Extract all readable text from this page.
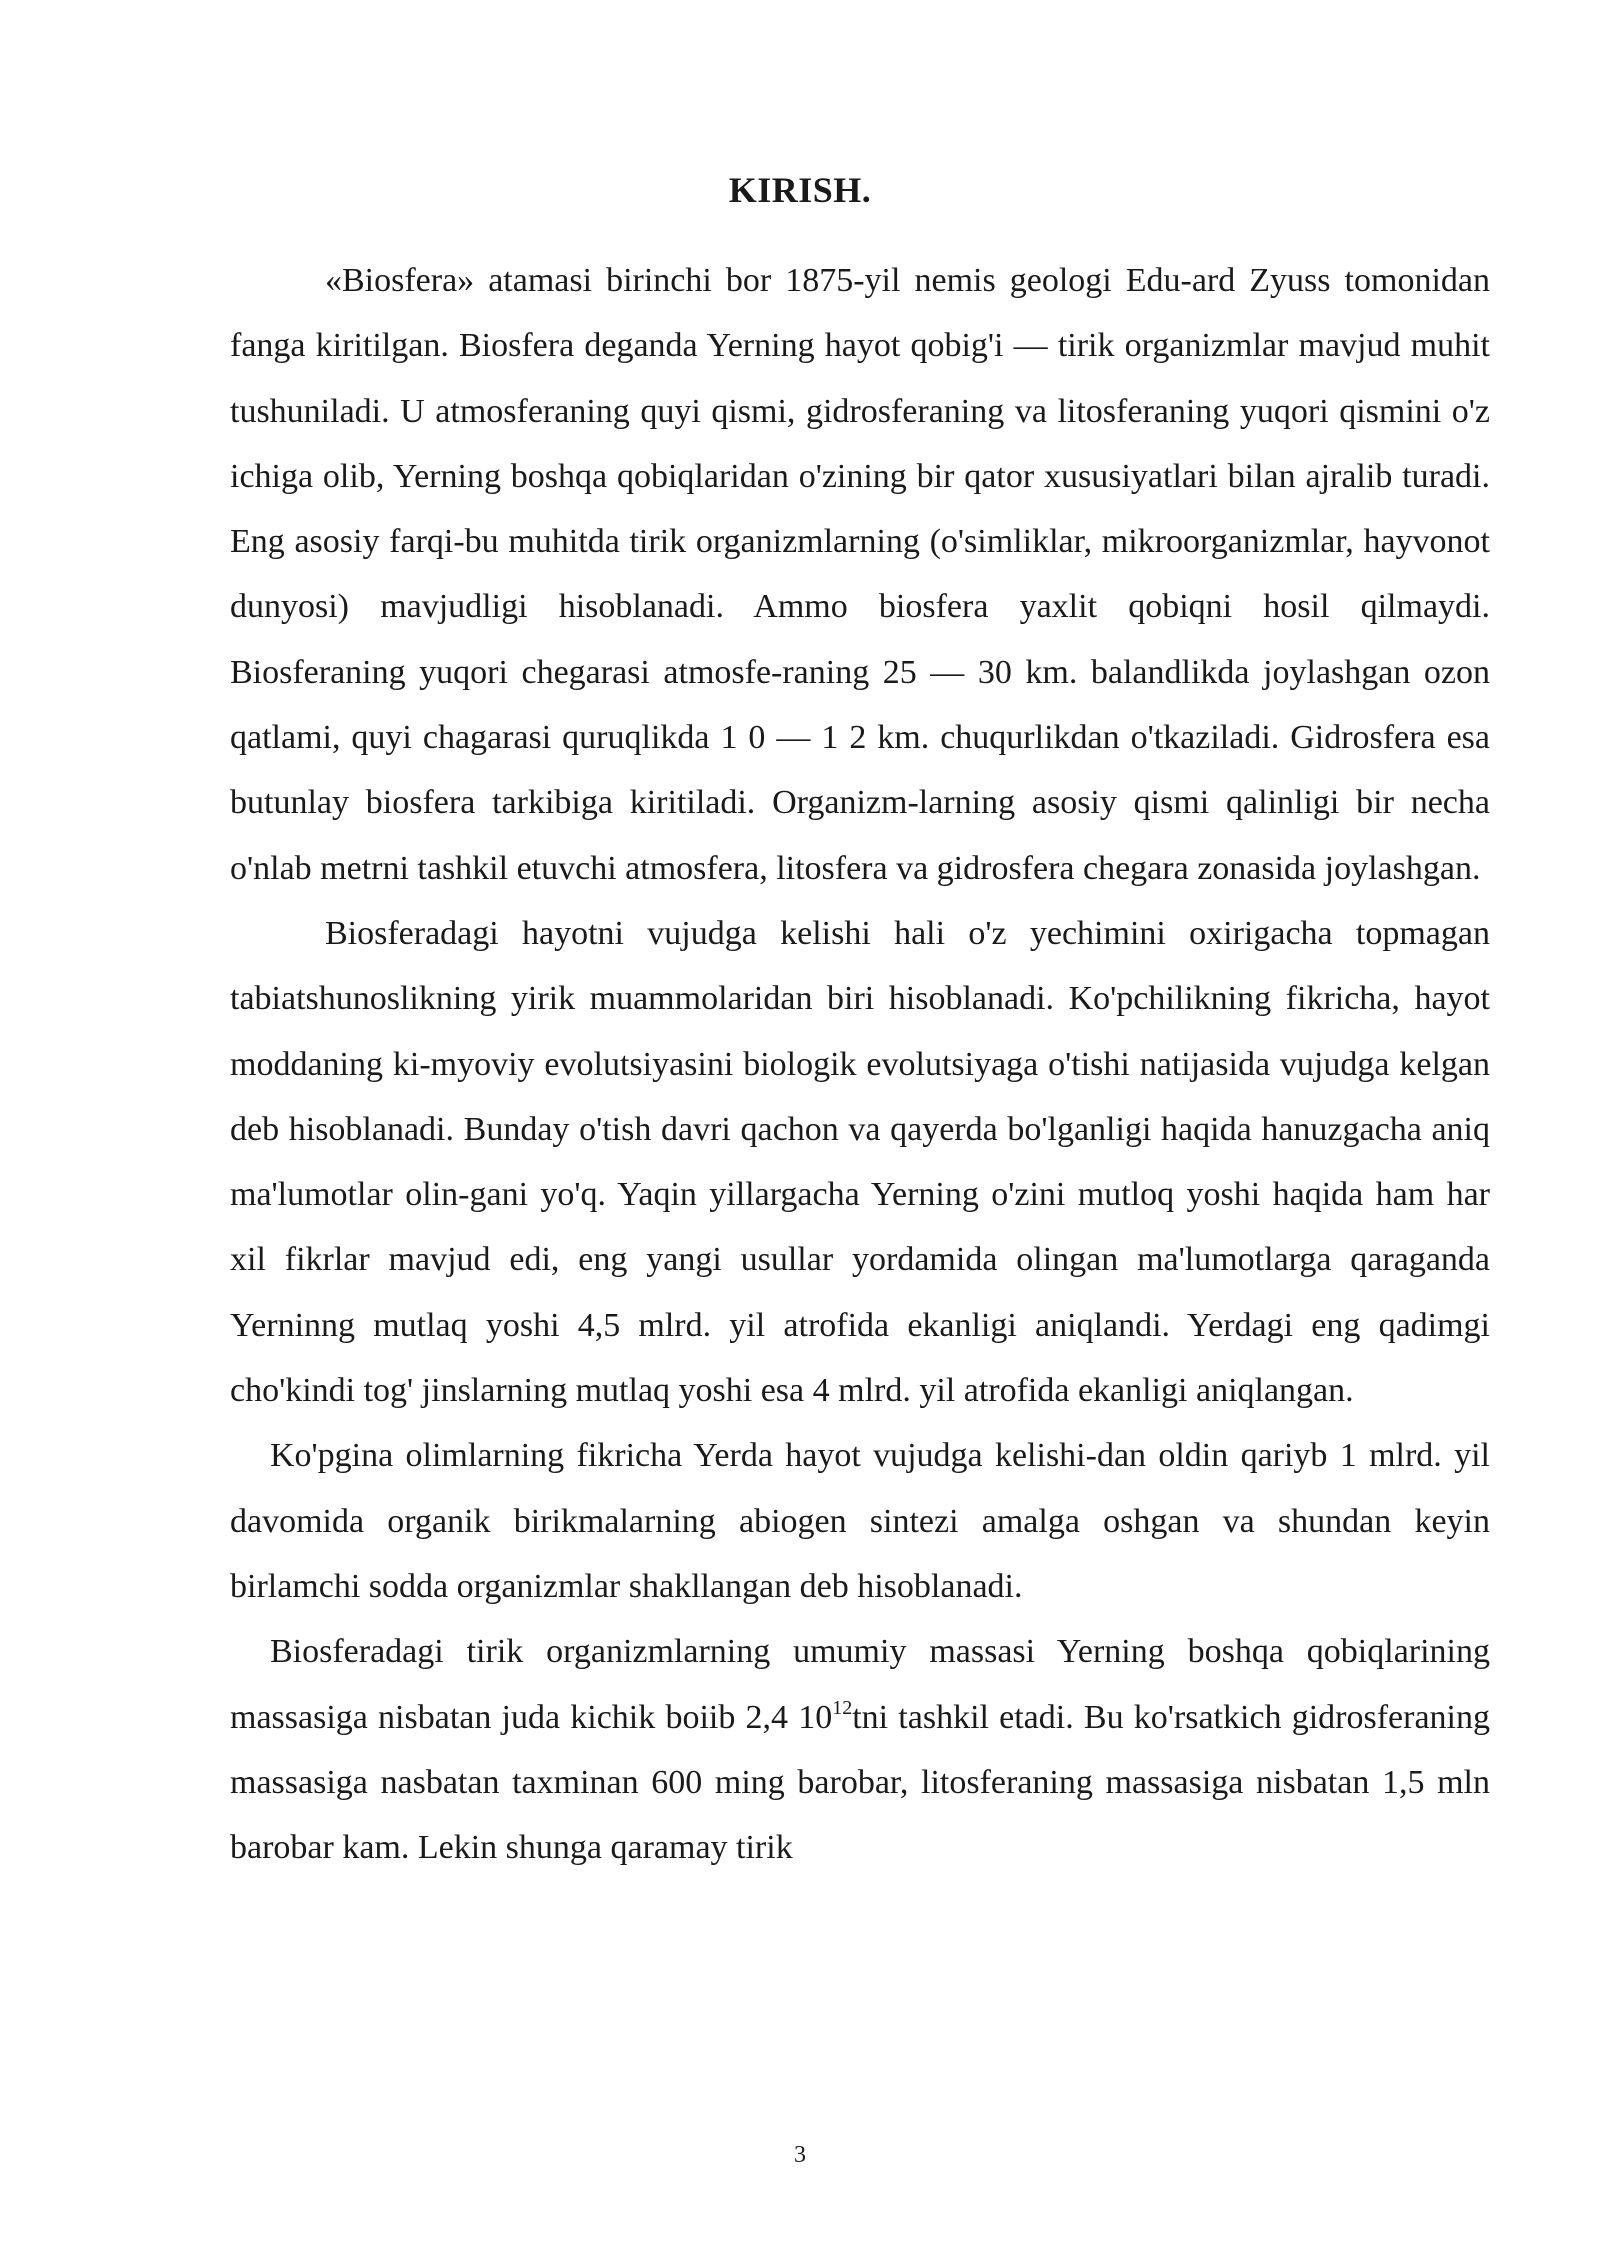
KIRISH.

«Biosfera» atamasi birinchi bor 1875-yil nemis geologi Edu-ard Zyuss tomonidan fanga kiritilgan. Biosfera deganda Yerning hayot qobig'i — tirik organizmlar mavjud muhit tushuniladi. U atmosferaning quyi qismi, gidrosferaning va litosferaning yuqori qismini o'z ichiga olib, Yerning boshqa qobiqlaridan o'zining bir qator xususiyatlari bilan ajralib turadi. Eng asosiy farqi-bu muhitda tirik organizmlarning (o'simliklar, mikroorganizmlar, hayvonot dunyosi) mavjudligi hisoblanadi. Ammo biosfera yaxlit qobiqni hosil qilmaydi. Biosferaning yuqori chegarasi atmosfe-raning 25 — 30 km. balandlikda joylashgan ozon qatlami, quyi chagarasi quruqlikda 1 0 — 1 2 km. chuqurlikdan o'tkaziladi. Gidrosfera esa butunlay biosfera tarkibiga kiritiladi. Organizm-larning asosiy qismi qalinligi bir necha o'nlab metrni tashkil etuvchi atmosfera, litosfera va gidrosfera chegara zonasida joylashgan.

Biosferadagi hayotni vujudga kelishi hali o'z yechimini oxirigacha topmagan tabiatshunoslikning yirik muammolaridan biri hisoblanadi. Ko'pchilikning fikricha, hayot moddaning ki-myoviy evolutsiyasini biologik evolutsiyaga o'tishi natijasida vujudga kelgan deb hisoblanadi. Bunday o'tish davri qachon va qayerda bo'lganligi haqida hanuzgacha aniq ma'lumotlar olin-gani yo'q. Yaqin yillargacha Yerning o'zini mutloq yoshi haqida ham har xil fikrlar mavjud edi, eng yangi usullar yordamida olingan ma'lumotlarga qaraganda Yerninng mutlaq yoshi 4,5 mlrd. yil atrofida ekanligi aniqlandi. Yerdagi eng qadimgi cho'kindi tog' jinslarning mutlaq yoshi esa 4 mlrd. yil atrofida ekanligi aniqlangan.

Ko'pgina olimlarning fikricha Yerda hayot vujudga kelishi-dan oldin qariyb 1 mlrd. yil davomida organik birikmalarning abiogen sintezi amalga oshgan va shundan keyin birlamchi sodda organizmlar shakllangan deb hisoblanadi.

Biosferadagi tirik organizmlarning umumiy massasi Yerning boshqa qobiqlarining massasiga nisbatan juda kichik boiib 2,4 $10^{12}tni$ tashkil etadi. Bu ko'rsatkich gidrosferaning massasiga nasbatan taxminan 600 ming barobar, litosferaning massasiga nisbatan 1,5 mln barobar kam. Lekin shunga qaramay tirik

3
